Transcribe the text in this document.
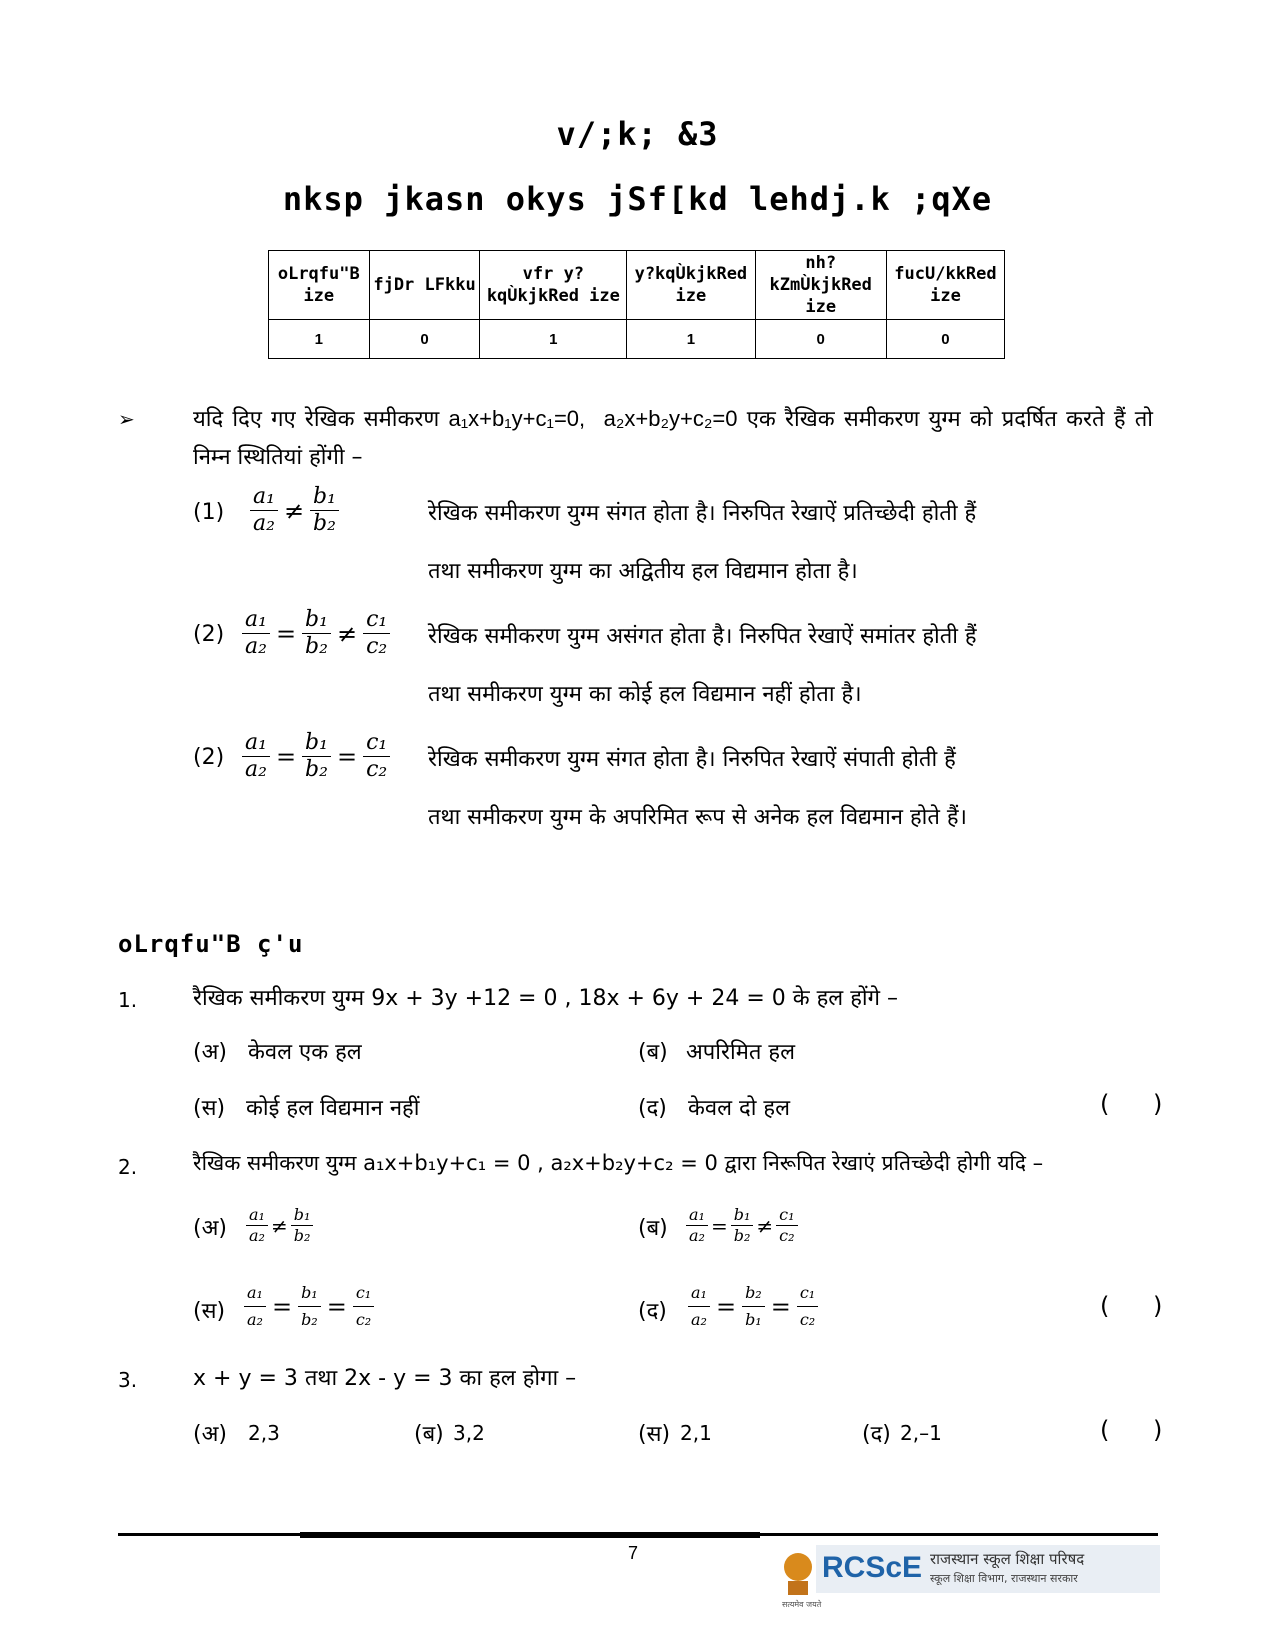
v/;k; &3
nksp jkasn okys jSf[kd lehdj.k ;qXe
oLrqfu"B ize	fjDr LFkku	vfr y?kqÙkjkRed ize	y?kqÙkjkRed ize	nh?kZmÙkjkRed ize	fucU/kkRed ize
1	0	1	1	0	0
➢	यदि दिए गए रेखिक समीकरण a₁x+b₁y+c₁=0, a₂x+b₂y+c₂=0 एक रैखिक समीकरण युग्म को प्रदर्षित करते हैं तो निम्न स्थितियां होंगी –
$(1) \frac{\text{a₁}}{\text{a₂}} \ne \frac{\text{b₁}}{\text{b₂}}$	रेखिक समीकरण युग्म संगत होता है। निरुपित रेखाऐं प्रतिच्छेदी होती हैं
तथा समीकरण युग्म का अद्वितीय हल विद्यमान होता है।
$(2) \frac{\text{a₁}}{\text{a₂}} = \frac{\text{b₁}}{\text{b₂}} \ne \frac{\text{c₁}}{\text{c₂}}$ रेखिक समीकरण युग्म असंगत होता है। निरुपित रेखाऐं समांतर होती हैं
तथा समीकरण युग्म का कोई हल विद्यमान नहीं होता है।
$(2) \frac{\text{a₁}}{\text{a₂}} = \frac{\text{b₁}}{\text{b₂}} = \frac{\text{c₁}}{\text{c₂}}$ रेखिक समीकरण युग्म संगत होता है। निरुपित रेखाऐं संपाती होती हैं
तथा समीकरण युग्म के अपरिमित रूप से अनेक हल विद्यमान होते हैं।
oLrqfu"B ç'u
1.	रैखिक समीकरण युग्म 9x + 3y +12 = 0 , 18x + 6y + 24 = 0 के हल होंगे –
(अ) केवल एक हल	(ब) अपरिमित हल
(स) कोई हल विद्यमान नहीं	(द) केवल दो हल	( )
2.	रैखिक समीकरण युग्म a₁x+b₁y+c₁ = 0 , a₂x+b₂y+c₂ = 0 द्वारा निरूपित रेखाएं प्रतिच्छेदी होगी यदि –
(अ) $\frac{\text{a₁}}{\text{a₂}} \ne \frac{\text{b₁}}{\text{b₂}}$	(ब) $\frac{\text{a₁}}{\text{a₂}} = \frac{\text{b₁}}{\text{b₂}} \ne \frac{\text{c₁}}{\text{c₂}}$
(स) $\frac{\text{a₁}}{\text{a₂}} = \frac{\text{b₁}}{\text{b₂}} = \frac{\text{c₁}}{\text{c₂}}$	(द) $\frac{\text{a₁}}{\text{a₂}} = \frac{\text{b₂}}{\text{b₁}} = \frac{\text{c₁}}{\text{c₂}}$	( )
3.	x + y = 3 तथा 2x - y = 3 का हल होगा –
(अ) 2,3	(ब) 3,2	(स) 2,1	(द) 2,–1	( )
7
सत्यमेव जयते
RCScE राजस्थान स्कूल शिक्षा परिषद
स्कूल शिक्षा विभाग, राजस्थान सरकार
